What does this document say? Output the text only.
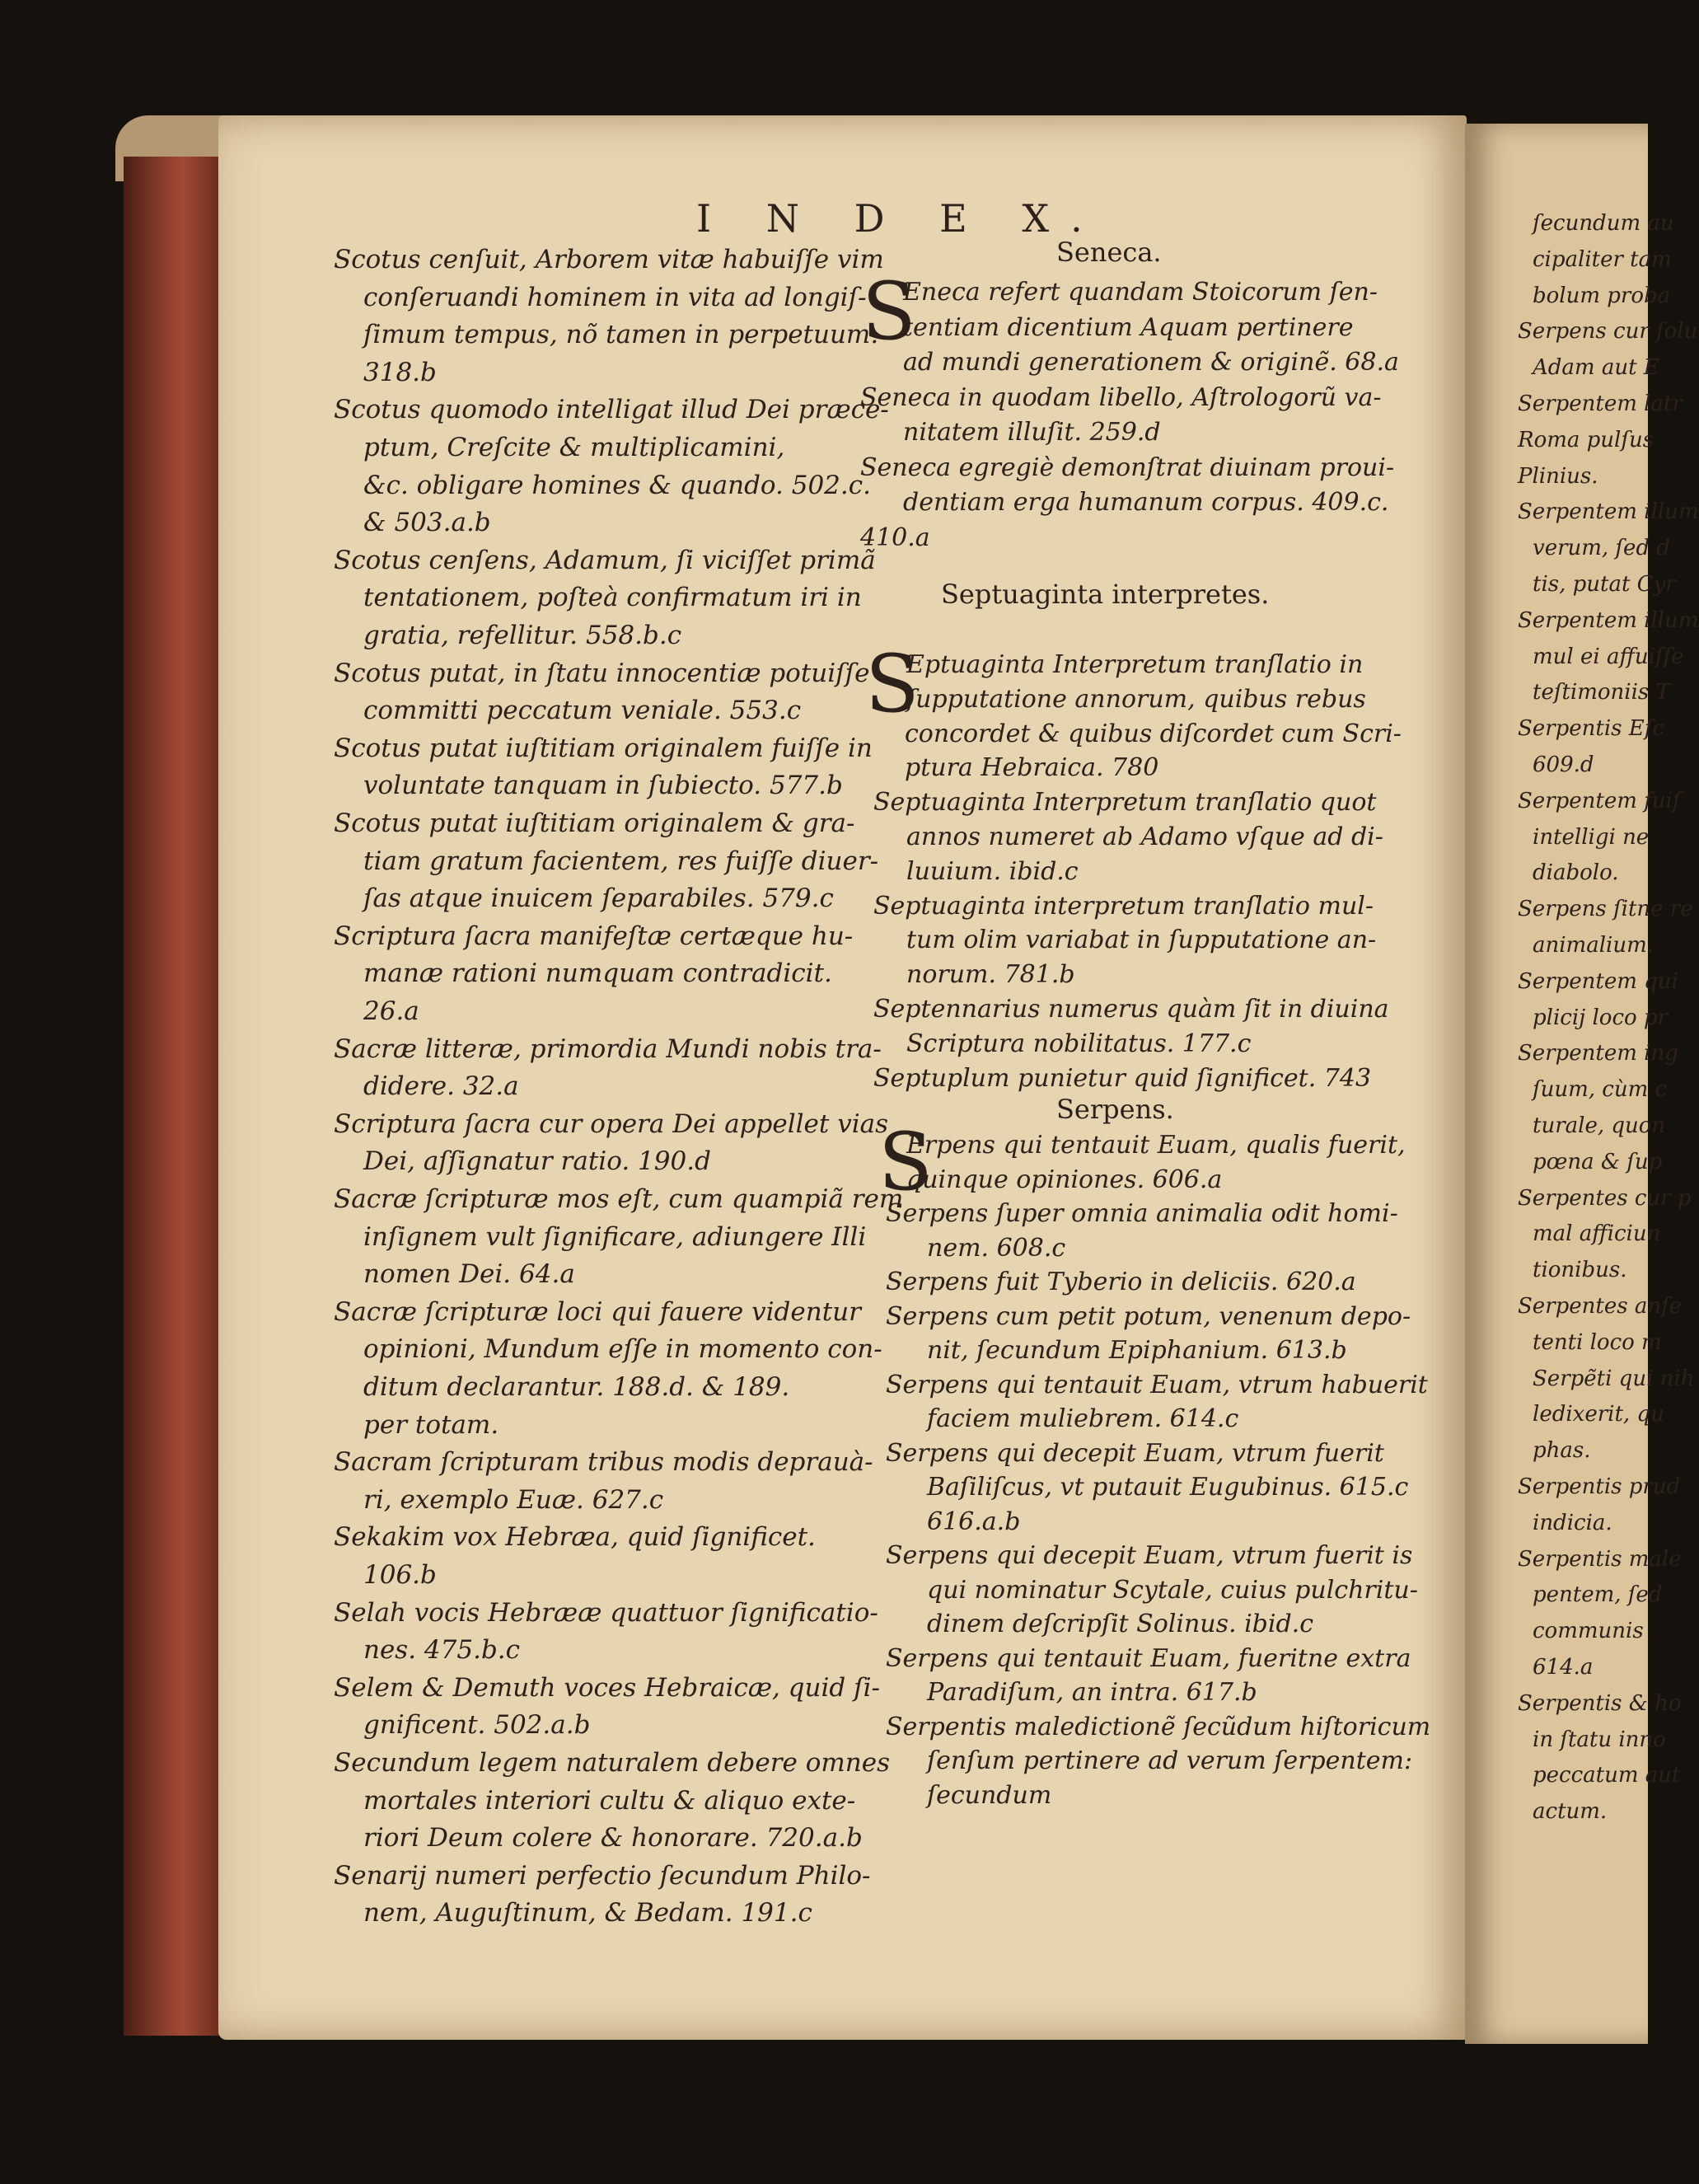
I N D E X.
Scotus cenſuit, Arborem vitæ habuiſſe vim
conſeruandi hominem in vita ad longiſ-
ſimum tempus, nõ tamen in perpetuum.
318.b
Scotus quomodo intelligat illud Dei præce-
ptum, Creſcite & multiplicamini,
&c. obligare homines & quando. 502.c.
& 503.a.b
Scotus cenſens, Adamum, ſi viciſſet primã
tentationem, poſteà confirmatum iri in
gratia, refellitur. 558.b.c
Scotus putat, in ſtatu innocentiæ potuiſſe
committi peccatum veniale. 553.c
Scotus putat iuſtitiam originalem fuiſſe in
voluntate tanquam in ſubiecto. 577.b
Scotus putat iuſtitiam originalem & gra-
tiam gratum facientem, res fuiſſe diuer-
ſas atque inuicem ſeparabiles. 579.c
Scriptura ſacra manifeſtæ certæque hu-
manæ rationi numquam contradicit.
26.a
Sacræ litteræ, primordia Mundi nobis tra-
didere. 32.a
Scriptura ſacra cur opera Dei appellet vias
Dei, aſſignatur ratio. 190.d
Sacræ ſcripturæ mos eſt, cum quampiã rem
inſignem vult ſignificare, adiungere Illi
nomen Dei. 64.a
Sacræ ſcripturæ loci qui fauere videntur
opinioni, Mundum eſſe in momento con-
ditum declarantur. 188.d. & 189.
per totam.
Sacram ſcripturam tribus modis deprauà-
ri, exemplo Euæ. 627.c
Sekakim vox Hebræa, quid ſignificet.
106.b
Selah vocis Hebrææ quattuor ſignificatio-
nes. 475.b.c
Selem & Demuth voces Hebraicæ, quid ſi-
gnificent. 502.a.b
Secundum legem naturalem debere omnes
mortales interiori cultu & aliquo exte-
riori Deum colere & honorare. 720.a.b
Senarij numeri perfectio ſecundum Philo-
nem, Auguſtinum, & Bedam. 191.c
Seneca.
S
Septuaginta interpretes.
S
Serpens.
S
Eneca refert quandam Stoicorum ſen-
tentiam dicentium Aquam pertinere
ad mundi generationem & originẽ. 68.a
Seneca in quodam libello, Aſtrologorũ va-
nitatem illuſit. 259.d
Seneca egregiè demonſtrat diuinam proui-
dentiam erga humanum corpus. 409.c.
410.a
Eptuaginta Interpretum tranſlatio in
ſupputatione annorum, quibus rebus
concordet & quibus diſcordet cum Scri-
ptura Hebraica. 780
Septuaginta Interpretum tranſlatio quot
annos numeret ab Adamo vſque ad di-
luuium. ibid.c
Septuaginta interpretum tranſlatio mul-
tum olim variabat in ſupputatione an-
norum. 781.b
Septennarius numerus quàm ſit in diuina
Scriptura nobilitatus. 177.c
Septuplum punietur quid ſignificet. 743
Erpens qui tentauit Euam, qualis fuerit,
quinque opiniones. 606.a
Serpens ſuper omnia animalia odit homi-
nem. 608.c
Serpens fuit Tyberio in deliciis. 620.a
Serpens cum petit potum, venenum depo-
nit, ſecundum Epiphanium. 613.b
Serpens qui tentauit Euam, vtrum habuerit
faciem muliebrem. 614.c
Serpens qui decepit Euam, vtrum fuerit
Baſiliſcus, vt putauit Eugubinus. 615.c
616.a.b
Serpens qui decepit Euam, vtrum fuerit is
qui nominatur Scytale, cuius pulchritu-
dinem deſcripſit Solinus. ibid.c
Serpens qui tentauit Euam, fueritne extra
Paradiſum, an intra. 617.b
Serpentis maledictionẽ ſecũdum hiſtoricum
ſenſum pertinere ad verum ſerpentem:
ſecundum
ſecundum au
cipaliter tam
bolum proba
Serpens cur ſolu
Adam aut E
Serpentem latr
Roma pulſus
Plinius.
Serpentem illum
verum, ſed d
tis, putat Cyr
Serpentem illum
mul ei affuiſſe
teſtimoniis T
Serpentis Eſc
609.d
Serpentem fuiſ
intelligi ne
diabolo.
Serpens ſitne re
animalium.
Serpentem qui
plicij loco pr
Serpentem ing
ſuum, cùm c
turale, quon
pœna & ſup
Serpentes cur p
mal afficiun
tionibus.
Serpentes anſe
tenti loco m
Serpẽti qui nih
ledixerit, qu
phas.
Serpentis prud
indicia.
Serpentis male
pentem, ſed
communis
614.a
Serpentis & ho
in ſtatu inno
peccatum aut
actum.
